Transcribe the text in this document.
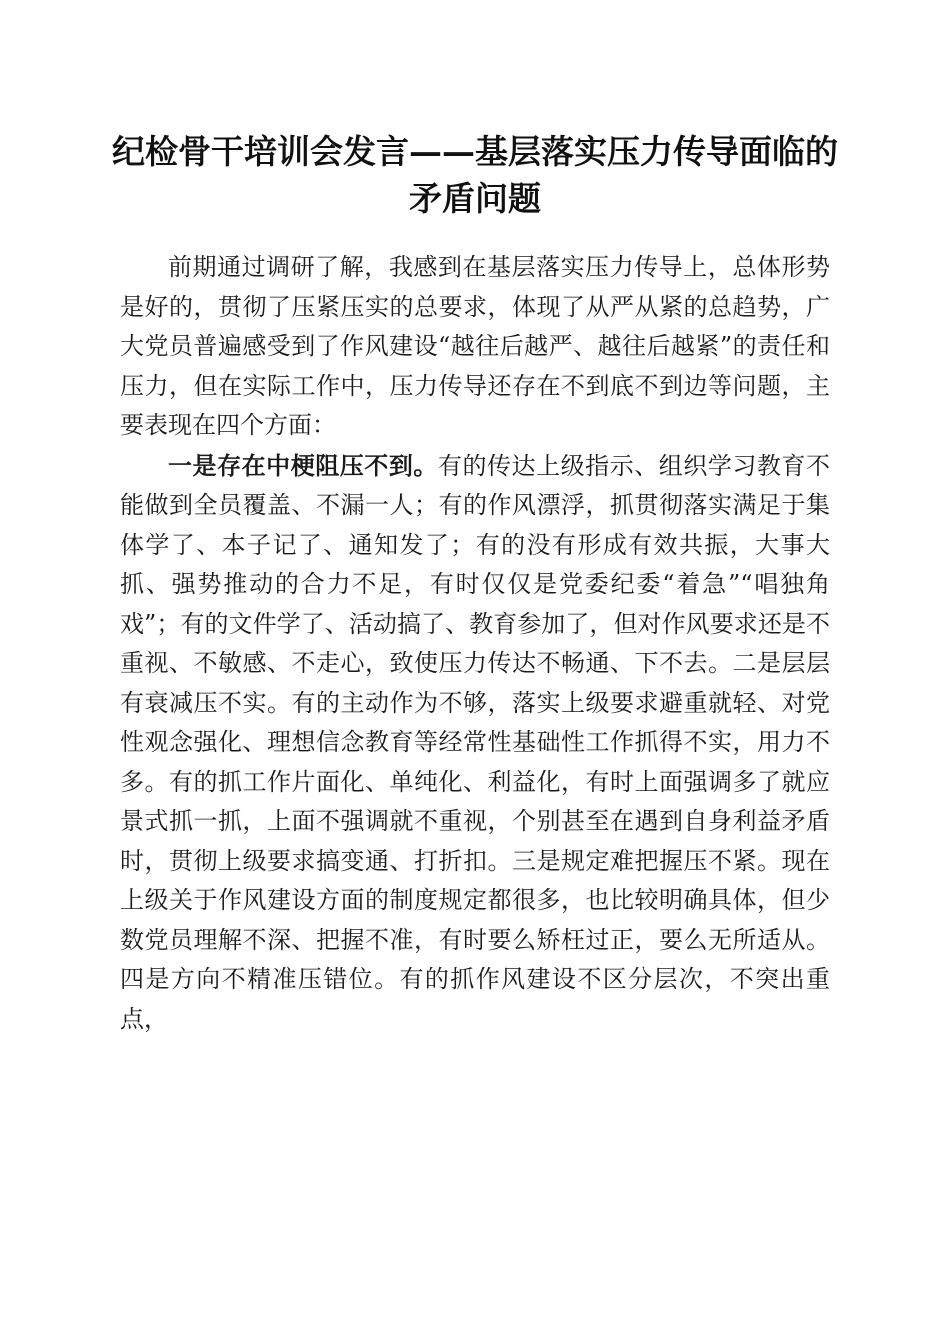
纪检骨干培训会发言——基层落实压力传导面临的矛盾问题

前期通过调研了解，我感到在基层落实压力传导上，总体形势是好的，贯彻了压紧压实的总要求，体现了从严从紧的总趋势，广大党员普遍感受到了作风建设“越往后越严、越往后越紧”的责任和压力，但在实际工作中，压力传导还存在不到底不到边等问题，主要表现在四个方面：

一是存在中梗阻压不到。有的传达上级指示、组织学习教育不能做到全员覆盖、不漏一人；有的作风漂浮，抓贯彻落实满足于集体学了、本子记了、通知发了；有的没有形成有效共振，大事大抓、强势推动的合力不足，有时仅仅是党委纪委“着急”“唱独角戏”；有的文件学了、活动搞了、教育参加了，但对作风要求还是不重视、不敏感、不走心，致使压力传达不畅通、下不去。二是层层有衰减压不实。有的主动作为不够，落实上级要求避重就轻、对党性观念强化、理想信念教育等经常性基础性工作抓得不实，用力不多。有的抓工作片面化、单纯化、利益化，有时上面强调多了就应景式抓一抓，上面不强调就不重视，个别甚至在遇到自身利益矛盾时，贯彻上级要求搞变通、打折扣。三是规定难把握压不紧。现在上级关于作风建设方面的制度规定都很多，也比较明确具体，但少数党员理解不深、把握不准，有时要么矫枉过正，要么无所适从。四是方向不精准压错位。有的抓作风建设不区分层次，不突出重点，
